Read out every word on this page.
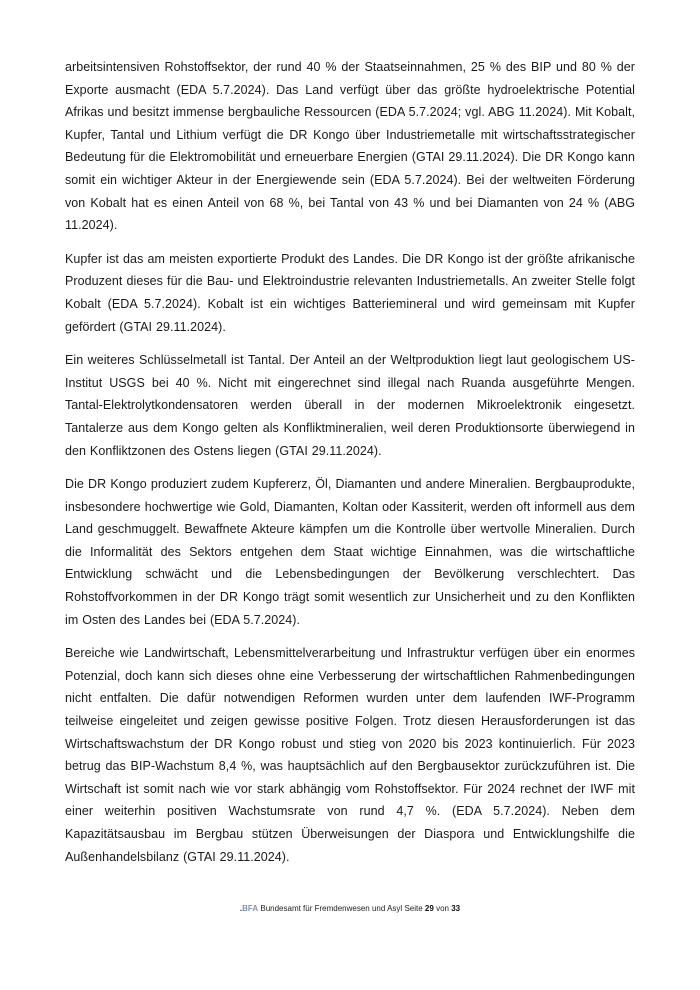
arbeitsintensiven Rohstoffsektor, der rund 40 % der Staatseinnahmen, 25 % des BIP und 80 % der Exporte ausmacht (EDA 5.7.2024). Das Land verfügt über das größte hydroelektrische Potential Afrikas und besitzt immense bergbauliche Ressourcen (EDA 5.7.2024; vgl. ABG 11.2024). Mit Kobalt, Kupfer, Tantal und Lithium verfügt die DR Kongo über Industriemetalle mit wirtschaftsstrategischer Bedeutung für die Elektromobilität und erneuerbare Energien (GTAI 29.11.2024). Die DR Kongo kann somit ein wichtiger Akteur in der Energiewende sein (EDA 5.7.2024). Bei der weltweiten Förderung von Kobalt hat es einen Anteil von 68 %, bei Tantal von 43 % und bei Diamanten von 24 % (ABG 11.2024).

Kupfer ist das am meisten exportierte Produkt des Landes. Die DR Kongo ist der größte afrikanische Produzent dieses für die Bau- und Elektroindustrie relevanten Industriemetalls. An zweiter Stelle folgt Kobalt (EDA 5.7.2024). Kobalt ist ein wichtiges Batteriemineral und wird gemeinsam mit Kupfer gefördert (GTAI 29.11.2024).

Ein weiteres Schlüsselmetall ist Tantal. Der Anteil an der Weltproduktion liegt laut geologischem US-Institut USGS bei 40 %. Nicht mit eingerechnet sind illegal nach Ruanda ausgeführte Mengen. Tantal-Elektrolytkondensatoren werden überall in der modernen Mikroelektronik eingesetzt. Tantalerze aus dem Kongo gelten als Konfliktmineralien, weil deren Produktionsorte überwiegend in den Konfliktzonen des Ostens liegen (GTAI 29.11.2024).

Die DR Kongo produziert zudem Kupfererz, Öl, Diamanten und andere Mineralien. Bergbauprodukte, insbesondere hochwertige wie Gold, Diamanten, Koltan oder Kassiterit, werden oft informell aus dem Land geschmuggelt. Bewaffnete Akteure kämpfen um die Kontrolle über wertvolle Mineralien. Durch die Informalität des Sektors entgehen dem Staat wichtige Einnahmen, was die wirtschaftliche Entwicklung schwächt und die Lebensbedingungen der Bevölkerung verschlechtert. Das Rohstoffvorkommen in der DR Kongo trägt somit wesentlich zur Unsicherheit und zu den Konflikten im Osten des Landes bei (EDA 5.7.2024).

Bereiche wie Landwirtschaft, Lebensmittelverarbeitung und Infrastruktur verfügen über ein enormes Potenzial, doch kann sich dieses ohne eine Verbesserung der wirtschaftlichen Rahmenbedingungen nicht entfalten. Die dafür notwendigen Reformen wurden unter dem laufenden IWF-Programm teilweise eingeleitet und zeigen gewisse positive Folgen. Trotz diesen Herausforderungen ist das Wirtschaftswachstum der DR Kongo robust und stieg von 2020 bis 2023 kontinuierlich. Für 2023 betrug das BIP-Wachstum 8,4 %, was hauptsächlich auf den Bergbausektor zurückzuführen ist. Die Wirtschaft ist somit nach wie vor stark abhängig vom Rohstoffsektor. Für 2024 rechnet der IWF mit einer weiterhin positiven Wachstumsrate von rund 4,7 %. (EDA 5.7.2024). Neben dem Kapazitätsausbau im Bergbau stützen Überweisungen der Diaspora und Entwicklungshilfe die Außenhandelsbilanz (GTAI 29.11.2024).

.BFA Bundesamt für Fremdenwesen und Asyl Seite 29 von 33
